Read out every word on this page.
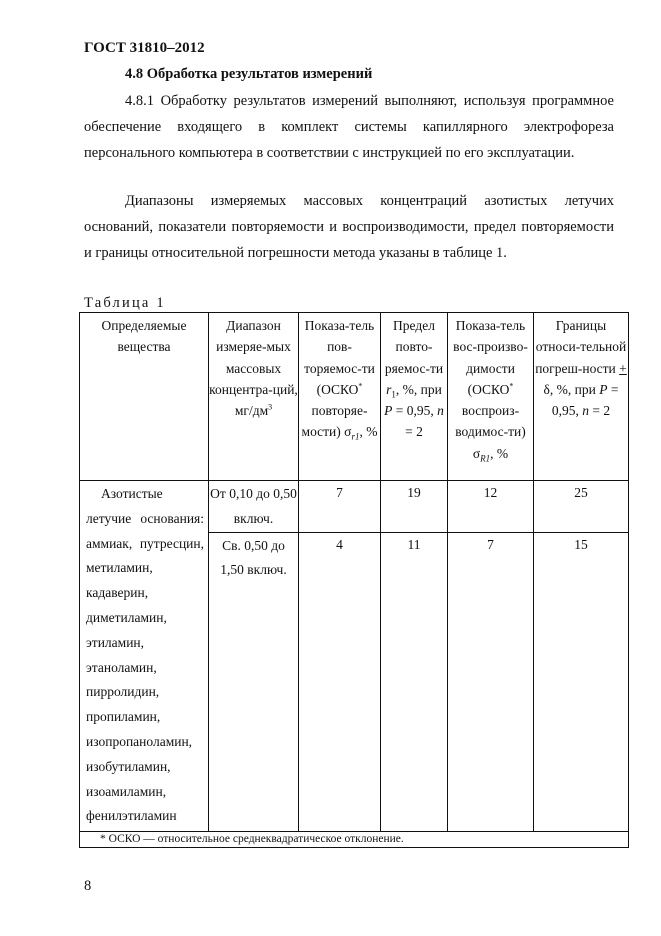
ГОСТ 31810–2012
4.8 Обработка результатов измерений

4.8.1 Обработку результатов измерений выполняют, используя программное обеспечение входящего в комплект системы капиллярного электрофореза персонального компьютера в соответствии с инструкцией по его эксплуатации.

Диапазоны измеряемых массовых концентраций азотистых летучих оснований, показатели повторяемости и воспроизводимости, предел повторяемости и границы относительной погрешности метода указаны в таблице 1.

Таблица 1
Определяемые вещества	Диапазон измеряе-мых массовых концентра-ций, $мг/дм^3$	Показа-тель пов-торяемос-ти (ОСКО* повторяе-мости) $\sigma_{r1}$, %	Предел повто-ряемос-ти $r_1$, %, при P = 0,95, n = 2	Показа-тель вос-произво-димости (ОСКО* воспроиз-водимос-ти) $\sigma_{R1}$, %	Границы относи-тельной погреш-ности + δ, %, при P = 0,95, n = 2
Азотистые летучие основания: аммиак, путресцин, метиламин, кадаверин, диметиламин, этиламин, этаноламин, пирролидин, пропиламин, изопропаноламин, изобутиламин, изоамиламин, фенилэтиламин	От 0,10 до 0,50 включ.	7	19	12	25
	Св. 0,50 до 1,50 включ.	4	11	7	15
* ОСКО — относительное среднеквадратическое отклонение.					
8
